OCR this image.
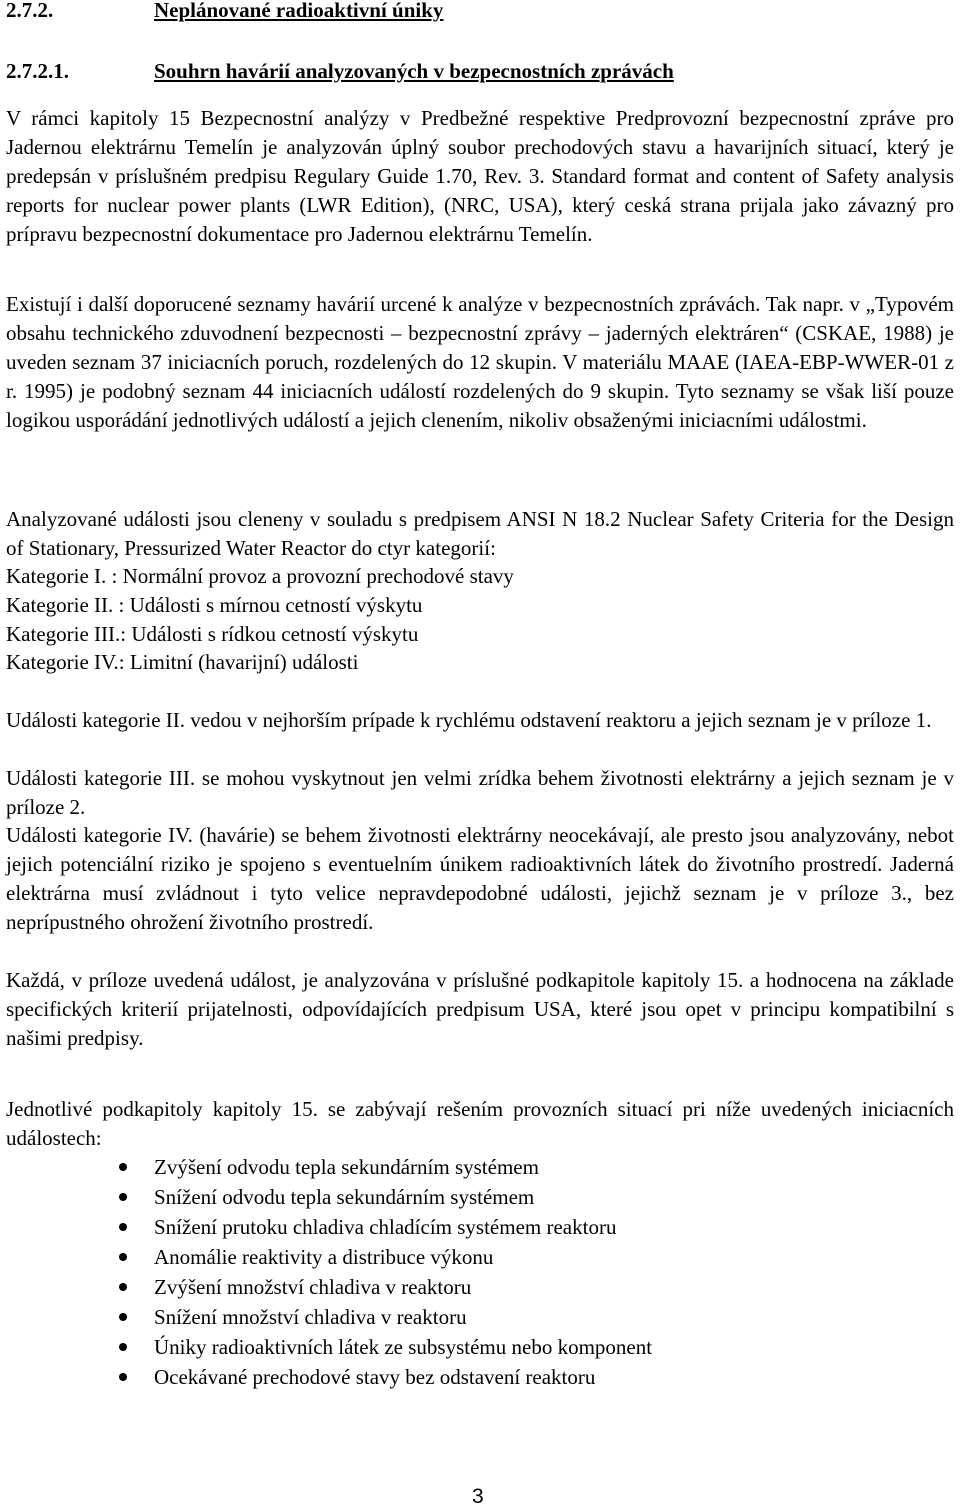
2.7.2.	Neplánované radioaktivní úniky
2.7.2.1.	Souhrn havárií analyzovaných v bezpecnostních zprávách
V rámci kapitoly 15 Bezpecnostní analýzy v Predbežné respektive Predprovozní bezpecnostní zpráve pro Jadernou elektrárnu Temelín je analyzován úplný soubor prechodových stavu a havarijních situací, který je predepsán v príslušném predpisu Regulary Guide 1.70, Rev. 3. Standard format and content of Safety analysis reports for nuclear power plants (LWR Edition), (NRC, USA), který ceská strana prijala jako závazný pro prípravu bezpecnostní dokumentace pro Jadernou elektrárnu Temelín.
Existují i další doporucené seznamy havárií urcené k analýze v bezpecnostních zprávách. Tak napr. v „Typovém obsahu technického zduvodnení bezpecnosti – bezpecnostní zprávy – jaderných elektráren“ (CSKAE, 1988) je uveden seznam 37 iniciacních poruch, rozdelených do 12 skupin. V materiálu MAAE (IAEA-EBP-WWER-01 z r. 1995) je podobný seznam 44 iniciacních událostí rozdelených do 9 skupin. Tyto seznamy se však liší pouze logikou usporádání jednotlivých událostí a jejich clenením, nikoliv obsaženými iniciacními událostmi.
Analyzované události jsou cleneny v souladu s predpisem ANSI N 18.2 Nuclear Safety Criteria for the Design of Stationary, Pressurized Water Reactor do ctyr kategorií:
Kategorie I. : Normální provoz a provozní prechodové stavy
Kategorie II. : Události s mírnou cetností výskytu
Kategorie III.: Události s rídkou cetností výskytu
Kategorie IV.: Limitní (havarijní) události
Události kategorie II. vedou v nejhorším prípade k rychlému odstavení reaktoru a jejich seznam je v príloze 1.
Události kategorie III. se mohou vyskytnout jen velmi zrídka behem životnosti elektrárny a jejich seznam je v príloze 2.
Události kategorie IV. (havárie) se behem životnosti elektrárny neocekávají, ale presto jsou analyzovány, nebot jejich potenciální riziko je spojeno s eventuelním únikem radioaktivních látek do životního prostredí. Jaderná elektrárna musí zvládnout i tyto velice nepravdepodobné události, jejichž seznam je v príloze 3., bez neprípustného ohrožení životního prostredí.
Každá, v príloze uvedená událost, je analyzována v príslušné podkapitole kapitoly 15. a hodnocena na základe specifických kriterií prijatelnosti, odpovídajících predpisum USA, které jsou opet v principu kompatibilní s našimi predpisy.
Jednotlivé podkapitoly kapitoly 15. se zabývají rešením provozních situací pri níže uvedených iniciacních událostech:
Zvýšení odvodu tepla sekundárním systémem
Snížení odvodu tepla sekundárním systémem
Snížení prutoku chladiva chladícím systémem reaktoru
Anomálie reaktivity a distribuce výkonu
Zvýšení množství chladiva v reaktoru
Snížení množství chladiva v reaktoru
Úniky radioaktivních látek ze subsystému nebo komponent
Ocekávané prechodové stavy bez odstavení reaktoru
3
